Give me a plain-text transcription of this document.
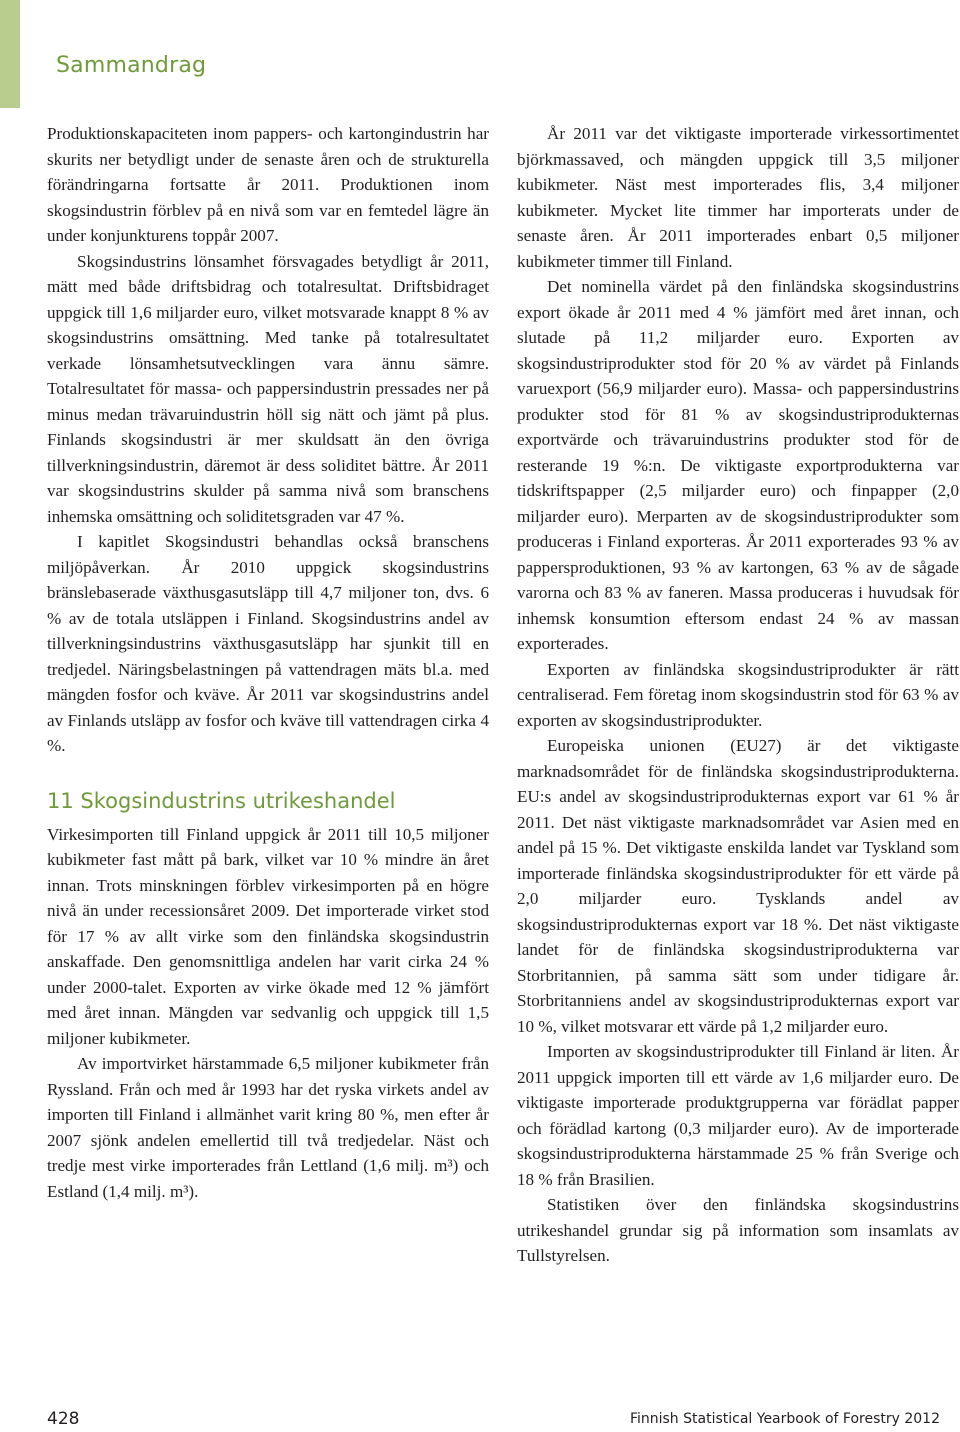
Sammandrag

Produktionskapaciteten inom pappers- och kartongindustrin har skurits ner betydligt under de senaste åren och de strukturella förändringarna fortsatte år 2011. Produktionen inom skogsindustrin förblev på en nivå som var en femtedel lägre än under konjunkturens toppår 2007.

Skogsindustrins lönsamhet försvagades betydligt år 2011, mätt med både driftsbidrag och totalresultat. Driftsbidraget uppgick till 1,6 miljarder euro, vilket motsvarade knappt 8 % av skogsindustrins omsättning. Med tanke på totalresultatet verkade lönsamhetsutvecklingen vara ännu sämre. Totalresultatet för massa- och pappersindustrin pressades ner på minus medan trävaruindustrin höll sig nätt och jämt på plus. Finlands skogsindustri är mer skuldsatt än den övriga tillverkningsindustrin, däremot är dess soliditet bättre. År 2011 var skogsindustrins skulder på samma nivå som branschens inhemska omsättning och soliditetsgraden var 47 %.

I kapitlet Skogsindustri behandlas också branschens miljöpåverkan. År 2010 uppgick skogsindustrins bränslebaserade växthusgasutsläpp till 4,7 miljoner ton, dvs. 6 % av de totala utsläppen i Finland. Skogsindustrins andel av tillverkningsindustrins växthusgasutsläpp har sjunkit till en tredjedel. Näringsbelastningen på vattendragen mäts bl.a. med mängden fosfor och kväve. År 2011 var skogsindustrins andel av Finlands utsläpp av fosfor och kväve till vattendragen cirka 4 %.

11 Skogsindustrins utrikeshandel

Virkesimporten till Finland uppgick år 2011 till 10,5 miljoner kubikmeter fast mått på bark, vilket var 10 % mindre än året innan. Trots minskningen förblev virkesimporten på en högre nivå än under recessionsåret 2009. Det importerade virket stod för 17 % av allt virke som den finländska skogsindustrin anskaffade. Den genomsnittliga andelen har varit cirka 24 % under 2000-talet. Exporten av virke ökade med 12 % jämfört med året innan. Mängden var sedvanlig och uppgick till 1,5 miljoner kubikmeter.

Av importvirket härstammade 6,5 miljoner kubikmeter från Ryssland. Från och med år 1993 har det ryska virkets andel av importen till Finland i allmänhet varit kring 80 %, men efter år 2007 sjönk andelen emellertid till två tredjedelar. Näst och tredje mest virke importerades från Lettland (1,6 milj. m³) och Estland (1,4 milj. m³).

År 2011 var det viktigaste importerade virkessortimentet björkmassaved, och mängden uppgick till 3,5 miljoner kubikmeter. Näst mest importerades flis, 3,4 miljoner kubikmeter. Mycket lite timmer har importerats under de senaste åren. År 2011 importerades enbart 0,5 miljoner kubikmeter timmer till Finland.

Det nominella värdet på den finländska skogsindustrins export ökade år 2011 med 4 % jämfört med året innan, och slutade på 11,2 miljarder euro. Exporten av skogsindustriprodukter stod för 20 % av värdet på Finlands varuexport (56,9 miljarder euro). Massa- och pappersindustrins produkter stod för 81 % av skogsindustriprodukternas exportvärde och trävaruindustrins produkter stod för de resterande 19 %:n. De viktigaste exportprodukterna var tidskriftspapper (2,5 miljarder euro) och finpapper (2,0 miljarder euro). Merparten av de skogsindustriprodukter som produceras i Finland exporteras. År 2011 exporterades 93 % av pappersproduktionen, 93 % av kartongen, 63 % av de sågade varorna och 83 % av faneren. Massa produceras i huvudsak för inhemsk konsumtion eftersom endast 24 % av massan exporterades.

Exporten av finländska skogsindustriprodukter är rätt centraliserad. Fem företag inom skogsindustrin stod för 63 % av exporten av skogsindustriprodukter.

Europeiska unionen (EU27) är det viktigaste marknadsområdet för de finländska skogsindustriprodukterna. EU:s andel av skogsindustriprodukternas export var 61 % år 2011. Det näst viktigaste marknadsområdet var Asien med en andel på 15 %. Det viktigaste enskilda landet var Tyskland som importerade finländska skogsindustriprodukter för ett värde på 2,0 miljarder euro. Tysklands andel av skogsindustriprodukternas export var 18 %. Det näst viktigaste landet för de finländska skogsindustriprodukterna var Storbritannien, på samma sätt som under tidigare år. Storbritanniens andel av skogsindustriprodukternas export var 10 %, vilket motsvarar ett värde på 1,2 miljarder euro.

Importen av skogsindustriprodukter till Finland är liten. År 2011 uppgick importen till ett värde av 1,6 miljarder euro. De viktigaste importerade produktgrupperna var förädlat papper och förädlad kartong (0,3 miljarder euro). Av de importerade skogsindustriprodukterna härstammade 25 % från Sverige och 18 % från Brasilien.

Statistiken över den finländska skogsindustrins utrikeshandel grundar sig på information som insamlats av Tullstyrelsen.

428	Finnish Statistical Yearbook of Forestry 2012
